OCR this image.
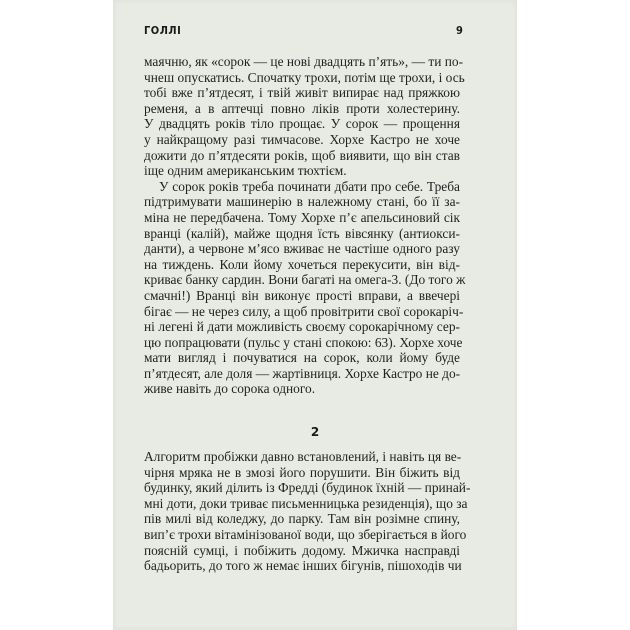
ГОЛЛІ	9
маячню, як «сорок — це нові двадцять п’ять», — ти по-
чнеш опускатись. Спочатку трохи, потім ще трохи, і ось
тобі вже п’ятдесят, і твій живіт випирає над пряжкою
ременя, а в аптечці повно ліків проти холестерину.
У двадцять років тіло прощає. У сорок — прощення
у найкращому разі тимчасове. Хорхе Кастро не хоче
дожити до п’ятдесяти років, щоб виявити, що він став
іще одним американським тюхтієм.
У сорок років треба починати дбати про себе. Треба
підтримувати машинерію в належному стані, бо її за-
міна не передбачена. Тому Хорхе п’є апельсиновий сік
вранці (калій), майже щодня їсть вівсянку (антиокси-
данти), а червоне м’ясо вживає не частіше одного разу
на тиждень. Коли йому хочеться перекусити, він від-
криває банку сардин. Вони багаті на омега-3. (До того ж
смачні!) Вранці він виконує прості вправи, а ввечері
бігає — не через силу, а щоб провітрити свої сорокаріч-
ні легені й дати можливість своєму сорокарічному сер-
цю попрацювати (пульс у стані спокою: 63). Хорхе хоче
мати вигляд і почуватися на сорок, коли йому буде
п’ятдесят, але доля — жартівниця. Хорхе Кастро не до-
живе навіть до сорока одного.
2
Алгоритм пробіжки давно встановлений, і навіть ця ве-
чірня мряка не в змозі його порушити. Він біжить від
будинку, який ділить із Фредді (будинок їхній — принай-
мні доти, доки триває письменницька резиденція), що за
пів милі від коледжу, до парку. Там він розімне спину,
вип’є трохи вітамінізованої води, що зберігається в його
поясній сумці, і побіжить додому. Мжичка насправді
бадьорить, до того ж немає інших бігунів, пішоходів чи
